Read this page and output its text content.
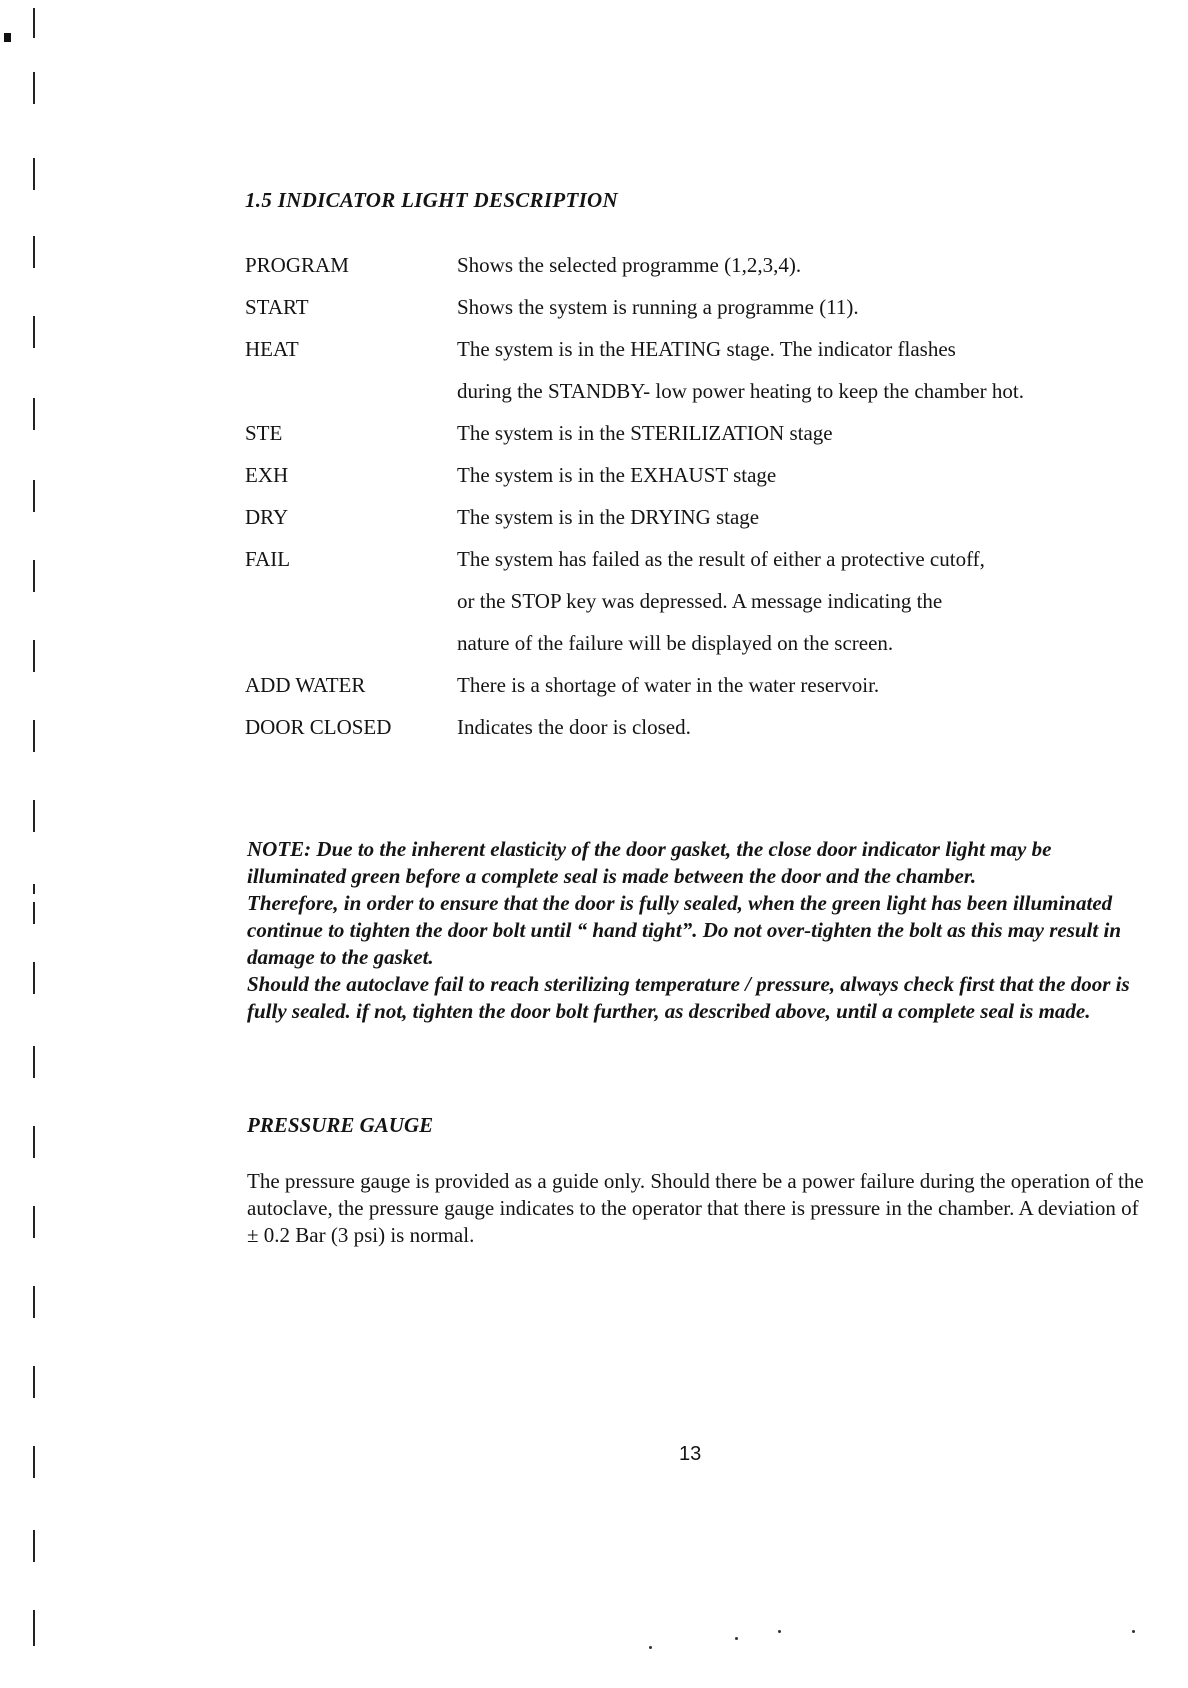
1.5 INDICATOR LIGHT DESCRIPTION
PROGRAM	Shows the selected programme (1,2,3,4).
START	Shows the system is running a programme (11).
HEAT	The system is in the HEATING stage. The indicator flashes
during the STANDBY- low power heating to keep the chamber hot.
STE	The system is in the STERILIZATION stage
EXH	The system is in the EXHAUST stage
DRY	The system is in the DRYING stage
FAIL	The system has failed as the result of either a protective cutoff,
or the STOP key was depressed. A message indicating the
nature of the failure will be displayed on the screen.
ADD WATER	There is a shortage of water in the water reservoir.
DOOR CLOSED	Indicates the door is closed.

NOTE: Due to the inherent elasticity of the door gasket, the close door indicator light may be illuminated green before a complete seal is made between the door and the chamber.

Therefore, in order to ensure that the door is fully sealed, when the green light has been illuminated continue to tighten the door bolt until “ hand tight”. Do not over-tighten the bolt as this may result in damage to the gasket.

Should the autoclave fail to reach sterilizing temperature / pressure, always check first that the door is fully sealed. if not, tighten the door bolt further, as described above, until a complete seal is made.

PRESSURE GAUGE
The pressure gauge is provided as a guide only. Should there be a power failure during the operation of the autoclave, the pressure gauge indicates to the operator that there is pressure in the chamber. A deviation of ± 0.2 Bar (3 psi) is normal.
13
